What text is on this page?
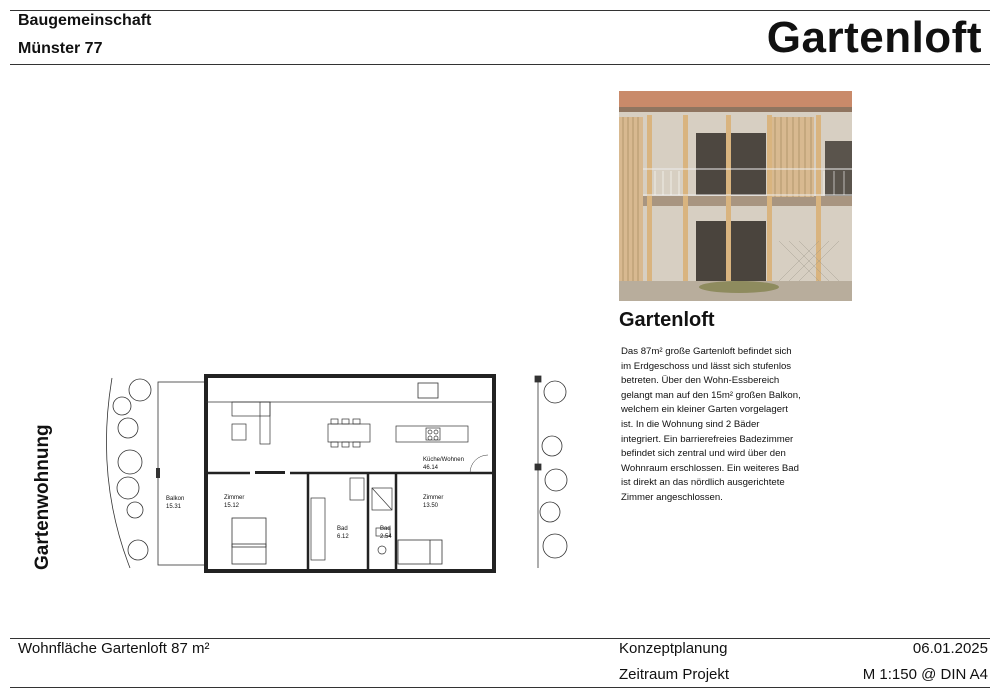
Baugemeinschaft
Münster 77	Gartenloft
Gartenloft
Das 87m² große Gartenloft befindet sich im Erdgeschoss und lässt sich stufenlos betreten. Über den Wohn-Essbereich gelangt man auf den 15m² großen Balkon, welchem ein kleiner Garten vorgelagert ist. In die Wohnung sind 2 Bäder integriert. Ein barrierefreies Badezimmer befindet sich zentral und wird über den Wohnraum erschlossen. Ein weiteres Bad ist direkt an das nördlich ausgerichtete Zimmer angeschlossen.
Gartenwohnung	Balkon
15.31
Zimmer
15.12
Bad
6.12
Bad
2.54
Küche/Wohnen
46.14
Zimmer
13.50
Wohnfläche Gartenloft 87 m²	Konzeptplanung
Zeitraum Projekt
06.01.2025
M 1:150 @ DIN A4
